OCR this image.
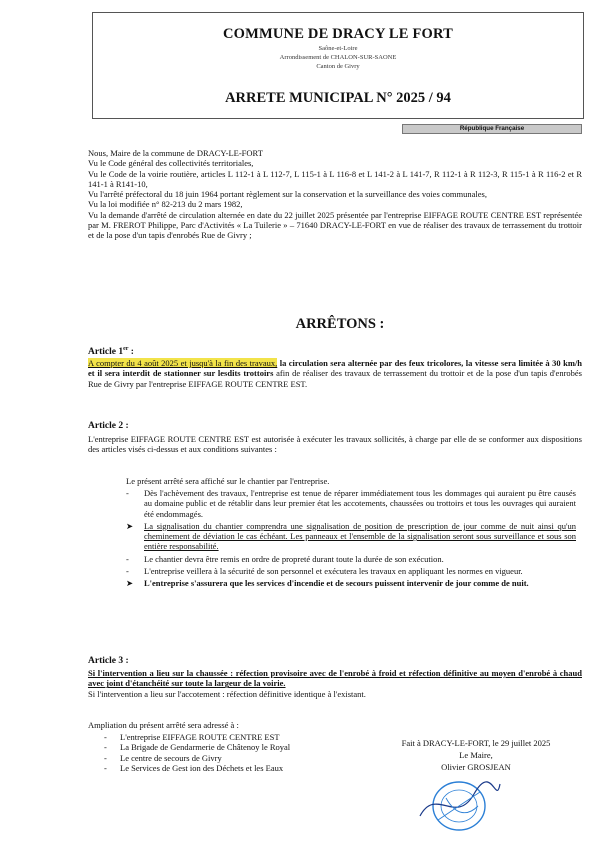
COMMUNE DE DRACY LE FORT
Saône-et-Loire
Arrondissement de CHALON-SUR-SAONE
Canton de Givry
ARRETE MUNICIPAL N° 2025 / 94
République Française
Nous, Maire de la commune de DRACY-LE-FORT
Vu le Code général des collectivités territoriales,
Vu le Code de la voirie routière, articles L 112-1 à L 112-7, L 115-1 à L 116-8 et L 141-2 à L 141-7, R 112-1 à R 112-3, R 115-1 à R 116-2 et R 141-1 à R141-10,
Vu l'arrêté préfectoral du 18 juin 1964 portant règlement sur la conservation et la surveillance des voies communales,
Vu la loi modifiée n° 82-213 du 2 mars 1982,
Vu la demande d'arrêté de circulation alternée en date du 22 juillet 2025 présentée par l'entreprise EIFFAGE ROUTE CENTRE EST représentée par M. FREROT Philippe, Parc d'Activités « La Tuilerie » – 71640 DRACY-LE-FORT en vue de réaliser des travaux de terrassement du trottoir et de la pose d'un tapis d'enrobés Rue de Givry ;
ARRÊTONS :
Article 1er :
A compter du 4 août 2025 et jusqu'à la fin des travaux, la circulation sera alternée par des feux tricolores, la vitesse sera limitée à 30 km/h et il sera interdit de stationner sur lesdits trottoirs afin de réaliser des travaux de terrassement du trottoir et de la pose d'un tapis d'enrobés Rue de Givry par l'entreprise EIFFAGE ROUTE CENTRE EST.
Article 2 :
L'entreprise EIFFAGE ROUTE CENTRE EST est autorisée à exécuter les travaux sollicités, à charge par elle de se conformer aux dispositions des articles visés ci-dessus et aux conditions suivantes :
Le présent arrêté sera affiché sur le chantier par l'entreprise.
- Dès l'achèvement des travaux, l'entreprise est tenue de réparer immédiatement tous les dommages qui auraient pu être causés au domaine public et de rétablir dans leur premier état les accotements, chaussées ou trottoirs et tous les ouvrages qui auraient été endommagés.
➤ La signalisation du chantier comprendra une signalisation de position de prescription de jour comme de nuit ainsi qu'un cheminement de déviation le cas échéant. Les panneaux et l'ensemble de la signalisation seront sous surveillance et sous son entière responsabilité.
- Le chantier devra être remis en ordre de propreté durant toute la durée de son exécution.
- L'entreprise veillera à la sécurité de son personnel et exécutera les travaux en appliquant les normes en vigueur.
➤ L'entreprise s'assurera que les services d'incendie et de secours puissent intervenir de jour comme de nuit.
Article 3 :
Si l'intervention a lieu sur la chaussée : réfection provisoire avec de l'enrobé à froid et réfection définitive au moyen d'enrobé à chaud avec joint d'étanchéité sur toute la largeur de la voirie.
Si l'intervention a lieu sur l'accotement : réfection définitive identique à l'existant.
Ampliation du présent arrêté sera adressé à :
- L'entreprise EIFFAGE ROUTE CENTRE EST
- La Brigade de Gendarmerie de Châtenoy le Royal
- Le centre de secours de Givry
- Le Services de Gest ion des Déchets et les Eaux
Fait à DRACY-LE-FORT, le 29 juillet 2025
Le Maire,
Olivier GROSJEAN
